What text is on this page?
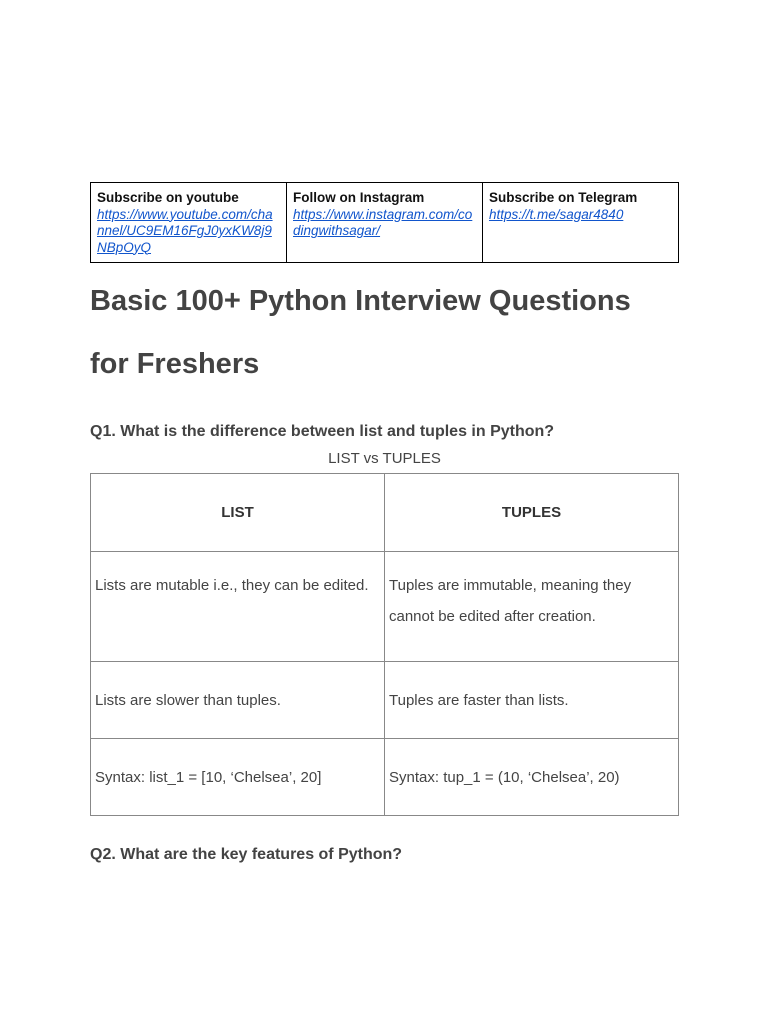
Subscribe on youtube
https://www.youtube.com/channel/UC9EM16FgJ0yxKW8j9NBpOyQ

Follow on Instagram
https://www.instagram.com/codingwithsagar/

Subscribe on Telegram
https://t.me/sagar4840
Basic 100+ Python Interview Questions
for Freshers
Q1. What is the difference between list and tuples in Python?
LIST vs TUPLES
LIST	TUPLES
Lists are mutable i.e., they can be edited.	Tuples are immutable, meaning they cannot be edited after creation.
Lists are slower than tuples.	Tuples are faster than lists.
Syntax: list_1 = [10, ‘Chelsea’, 20]	Syntax: tup_1 = (10, ‘Chelsea’, 20)
Q2. What are the key features of Python?
